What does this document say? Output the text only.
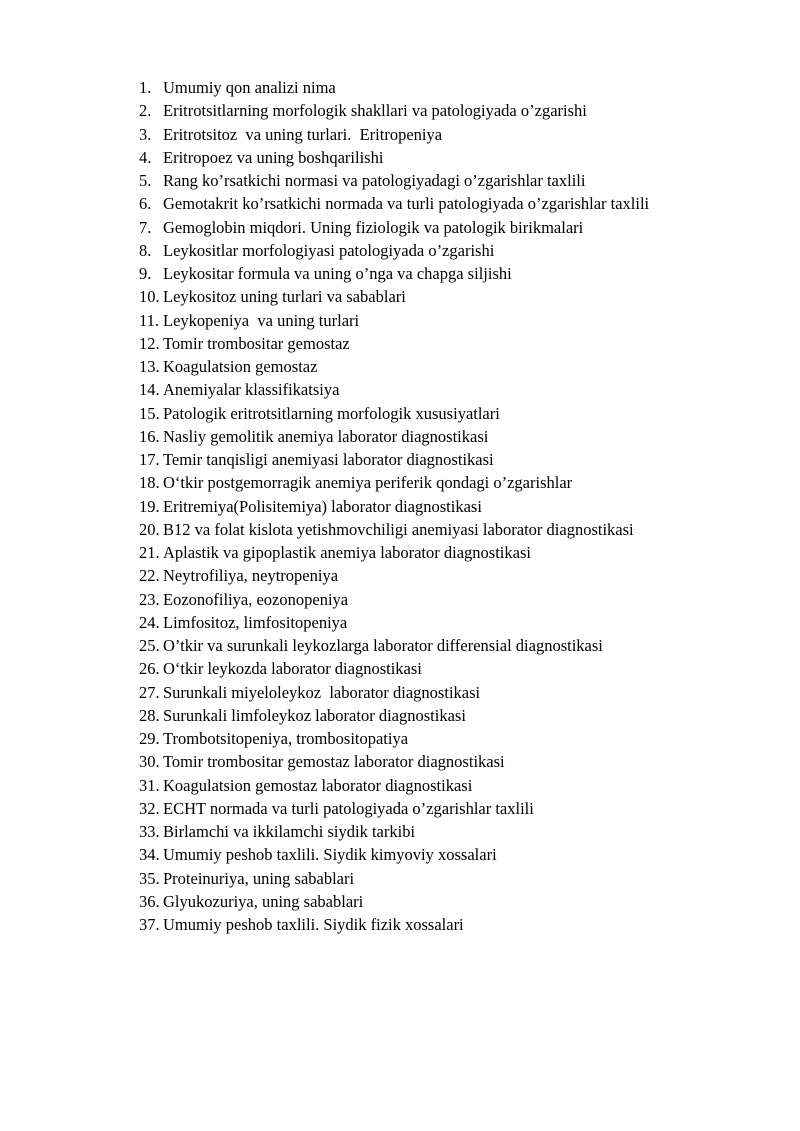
1. Umumiy qon analizi nima
2. Eritrotsitlarning morfologik shakllari va patologiyada o’zgarishi
3. Eritrotsitoz  va uning turlari.  Eritropeniya
4. Eritropoez va uning boshqarilishi
5. Rang ko’rsatkichi normasi va patologiyadagi o’zgarishlar taxlili
6. Gemotakrit ko’rsatkichi normada va turli patologiyada o’zgarishlar taxlili
7. Gemoglobin miqdori. Uning fiziologik va patologik birikmalari
8. Leykositlar morfologiyasi patologiyada o’zgarishi
9. Leykositar formula va uning o’nga va chapga siljishi
10. Leykositoz uning turlari va sabablari
11. Leykopeniya  va uning turlari
12. Tomir trombositar gemostaz
13. Koagulatsion gemostaz
14. Anemiyalar klassifikatsiya
15. Patologik eritrotsitlarning morfologik xususiyatlari
16. Nasliy gemolitik anemiya laborator diagnostikasi
17. Temir tanqisligi anemiyasi laborator diagnostikasi
18. O‘tkir postgemorragik anemiya periferik qondagi o’zgarishlar
19. Eritremiya(Polisitemiya) laborator diagnostikasi
20. B12 va folat kislota yetishmovchiligi anemiyasi laborator diagnostikasi
21. Aplastik va gipoplastik anemiya laborator diagnostikasi
22. Neytrofiliya, neytropeniya
23. Eozonofiliya, eozonopeniya
24. Limfositoz, limfositopeniya
25. O’tkir va surunkali leykozlarga laborator differensial diagnostikasi
26. O‘tkir leykozda laborator diagnostikasi
27. Surunkali miyeloleykoz  laborator diagnostikasi
28. Surunkali limfoleykoz laborator diagnostikasi
29. Trombotsitopeniya, trombositopatiya
30. Tomir trombositar gemostaz laborator diagnostikasi
31. Koagulatsion gemostaz laborator diagnostikasi
32. ECHT normada va turli patologiyada o’zgarishlar taxlili
33. Birlamchi va ikkilamchi siydik tarkibi
34. Umumiy peshob taxlili. Siydik kimyoviy xossalari
35. Proteinuriya, uning sabablari
36. Glyukozuriya, uning sabablari
37. Umumiy peshob taxlili. Siydik fizik xossalari
